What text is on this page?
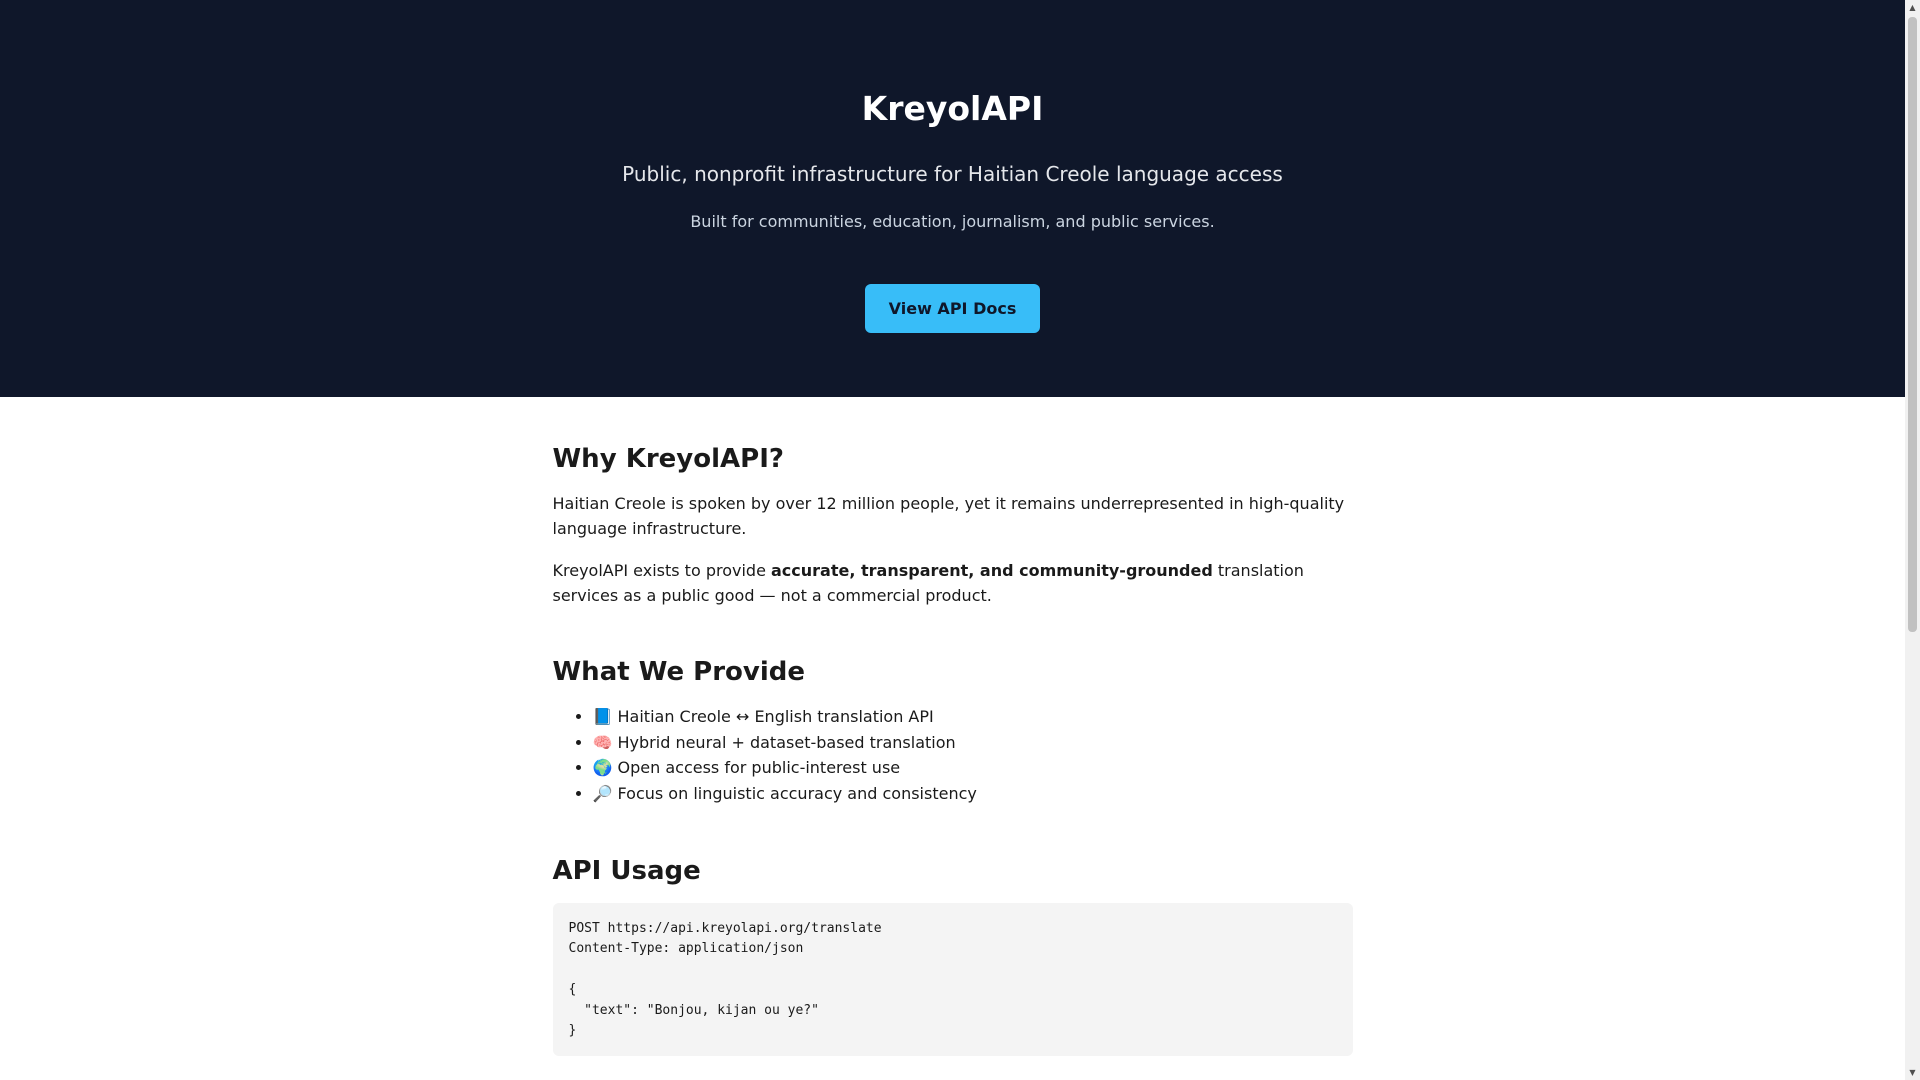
KreyolAPI
Public, nonprofit infrastructure for Haitian Creole language access
Built for communities, education, journalism, and public services.
View API Docs
Why KreyolAPI?

Haitian Creole is spoken by over 12 million people, yet it remains underrepresented in high-quality language infrastructure.

KreyolAPI exists to provide accurate, transparent, and community-grounded translation services as a public good — not a commercial product.

What We Provide
• 📘 Haitian Creole ↔ English translation API
• 🧠 Hybrid neural + dataset-based translation
• 🌍 Open access for public-interest use
• 🔎 Focus on linguistic accuracy and consistency
API Usage
POST https://api.kreyolapi.org/translate
Content-Type: application/json

{
"text": "Bonjou, kijan ou ye?"
}
▲
▼
